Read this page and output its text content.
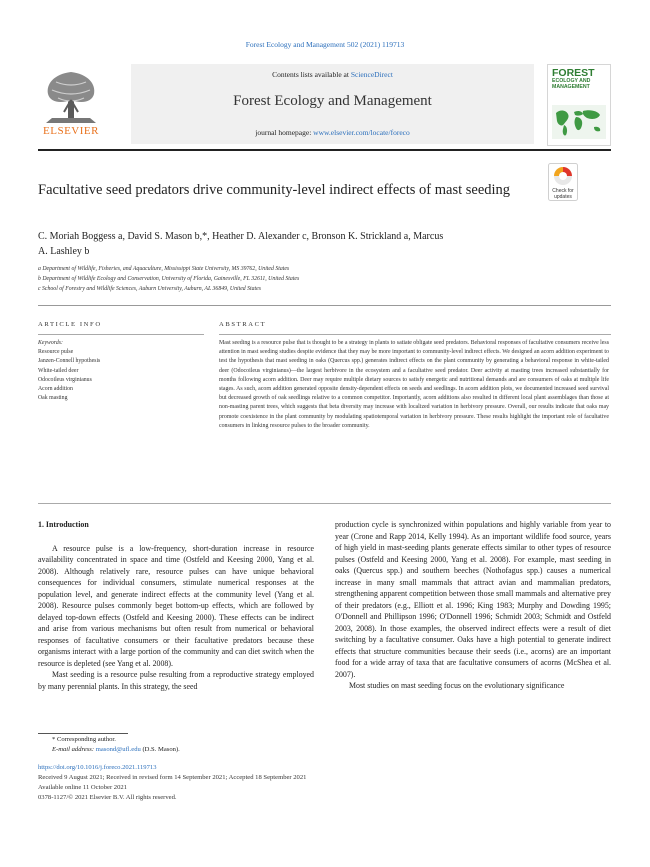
Forest Ecology and Management 502 (2021) 119713
Contents lists available at ScienceDirect
Forest Ecology and Management
journal homepage: www.elsevier.com/locate/foreco
ELSEVIER
FOREST
ECOLOGY AND MANAGEMENT
Facultative seed predators drive community-level indirect effects of mast seeding	Check for
updates
C. Moriah Boggess a, David S. Mason b,*, Heather D. Alexander c, Bronson K. Strickland a, Marcus
A. Lashley b
a Department of Wildlife, Fisheries, and Aquaculture, Mississippi State University, MS 39762, United States
b Department of Wildlife Ecology and Conservation, University of Florida, Gainesville, FL 32611, United States
c School of Forestry and Wildlife Sciences, Auburn University, Auburn, AL 36849, United States
ARTICLE INFO	ABSTRACT
Keywords:
Resource pulse
Janzen-Connell hypothesis
White-tailed deer
Odocoileus virginianus
Acorn addition
Oak masting
Mast seeding is a resource pulse that is thought to be a strategy in plants to satiate obligate seed predators. Behavioral responses of facultative consumers receive less attention in mast seeding studies despite evidence that they may be more important to community-level indirect effects. We designed an acorn addition experiment to test the hypothesis that mast seeding in oaks (Quercus spp.) generates indirect effects on the plant community by generating a behavioral response in white-tailed deer (Odocoileus virginianus)—the largest herbivore in the ecosystem and a facultative seed predator. Deer activity at masting trees increased substantially for months following acorn addition. Deer may require multiple dietary sources to satisfy energetic and nutritional demands and are consumers of oaks at multiple life stages. As such, acorn addition generated opposite density-dependent effects on seeds and seedlings. In acorn addition plots, we documented increased seed survival but decreased growth of oak seedlings relative to a common competitor. Importantly, acorn additions also resulted in different local plant assemblages than those at non-masting parent trees, which suggests that beta diversity may increase with localized variation in herbivory pressure. Overall, our results indicate that oaks may promote coexistence in the plant community by modulating spatiotemporal variation in herbivory pressure. These results highlight the important role of facultative consumers in linking resource pulses to the broader community.

1. Introduction

A resource pulse is a low-frequency, short-duration increase in resource availability concentrated in space and time (Ostfeld and Keesing 2000, Yang et al. 2008). Although relatively rare, resource pulses can have unique behavioral consequences for individual consumers, stimulate numerical responses at the population level, and generate indirect effects at the community level (Yang et al. 2008). Resource pulses commonly beget bottom-up effects, which are followed by delayed top-down effects (Ostfeld and Keesing 2000). These effects can be indirect and arise from various mechanisms but often result from numerical or behavioral responses of facultative consumers or their facultative predators because these organisms interact with a large portion of the community and can diet switch when the resource is depleted (see Yang et al. 2008).

Mast seeding is a resource pulse resulting from a reproductive strategy employed by many perennial plants. In this strategy, the seed

production cycle is synchronized within populations and highly variable from year to year (Crone and Rapp 2014, Kelly 1994). As an important wildlife food source, years of high yield in mast-seeding plants generate effects similar to other types of resource pulses (Ostfeld and Keesing 2000, Yang et al. 2008). For example, mast seeding in oaks (Quercus spp.) and southern beeches (Nothofagus spp.) causes a numerical increase in many small mammals that attract avian and mammalian predators, strengthening apparent competition between those small mammals and alternative prey of their predators (e.g., Elliott et al. 1996; King 1983; Murphy and Dowding 1995; O'Donnell and Phillipson 1996; O'Donnell 1996; Schmidt 2003; Schmidt and Ostfeld 2003, 2008). In those examples, the observed indirect effects were a result of diet switching by a facultative consumer. Oaks have a high potential to generate indirect effects that structure communities because their seeds (i.e., acorns) are an important food for a wide array of taxa that are facultative consumers of acorns (McShea et al. 2007).

Most studies on mast seeding focus on the evolutionary significance

* Corresponding author.
E-mail address: masond@ufl.edu (D.S. Mason).
https://doi.org/10.1016/j.foreco.2021.119713
Received 9 August 2021; Received in revised form 14 September 2021; Accepted 18 September 2021
Available online 11 October 2021
0378-1127/© 2021 Elsevier B.V. All rights reserved.
